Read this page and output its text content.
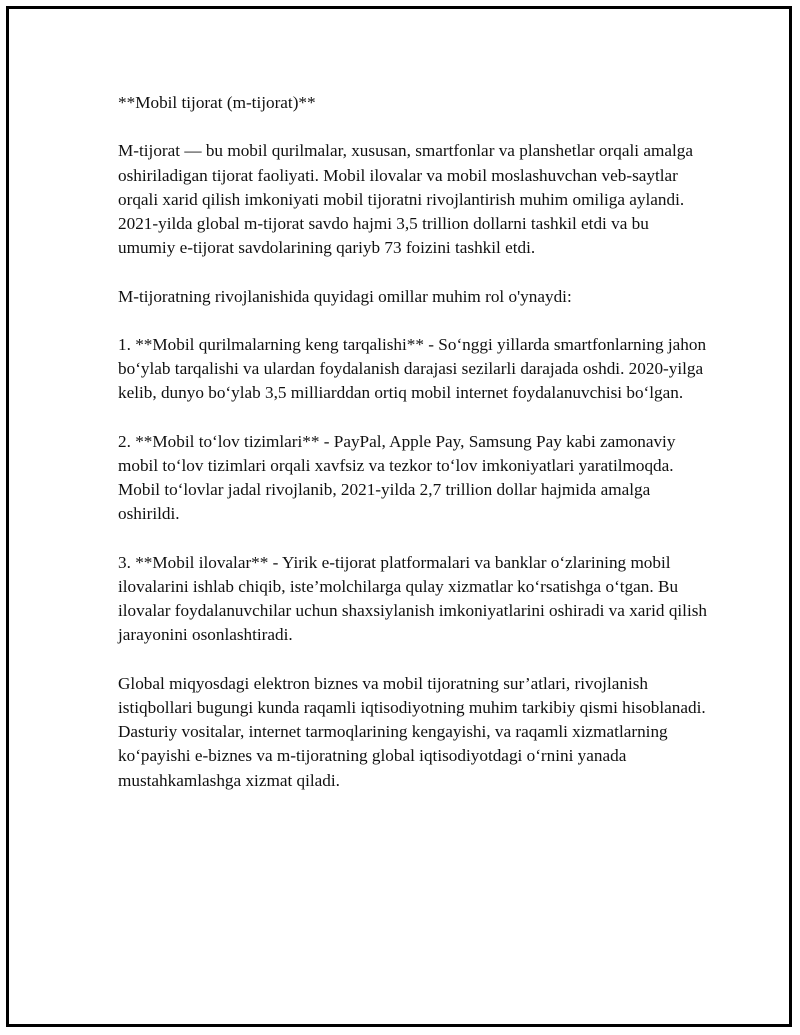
**Mobil tijorat (m-tijorat)**

M-tijorat — bu mobil qurilmalar, xususan, smartfonlar va planshetlar orqali amalga oshiriladigan tijorat faoliyati. Mobil ilovalar va mobil moslashuvchan veb-saytlar orqali xarid qilish imkoniyati mobil tijoratni rivojlantirish muhim omiliga aylandi. 2021-yilda global m-tijorat savdo hajmi 3,5 trillion dollarni tashkil etdi va bu umumiy e-tijorat savdolarining qariyb 73 foizini tashkil etdi.

M-tijoratning rivojlanishida quyidagi omillar muhim rol o'ynaydi:

1. **Mobil qurilmalarning keng tarqalishi** - So‘nggi yillarda smartfonlarning jahon bo‘ylab tarqalishi va ulardan foydalanish darajasi sezilarli darajada oshdi. 2020-yilga kelib, dunyo bo‘ylab 3,5 milliarddan ortiq mobil internet foydalanuvchisi bo‘lgan.

2. **Mobil to‘lov tizimlari** - PayPal, Apple Pay, Samsung Pay kabi zamonaviy mobil to‘lov tizimlari orqali xavfsiz va tezkor to‘lov imkoniyatlari yaratilmoqda. Mobil to‘lovlar jadal rivojlanib, 2021-yilda 2,7 trillion dollar hajmida amalga oshirildi.

3. **Mobil ilovalar** - Yirik e-tijorat platformalari va banklar o‘zlarining mobil ilovalarini ishlab chiqib, iste’molchilarga qulay xizmatlar ko‘rsatishga o‘tgan. Bu ilovalar foydalanuvchilar uchun shaxsiylanish imkoniyatlarini oshiradi va xarid qilish jarayonini osonlashtiradi.

Global miqyosdagi elektron biznes va mobil tijoratning sur’atlari, rivojlanish istiqbollari bugungi kunda raqamli iqtisodiyotning muhim tarkibiy qismi hisoblanadi. Dasturiy vositalar, internet tarmoqlarining kengayishi, va raqamli xizmatlarning ko‘payishi e-biznes va m-tijoratning global iqtisodiyotdagi o‘rnini yanada mustahkamlashga xizmat qiladi.
